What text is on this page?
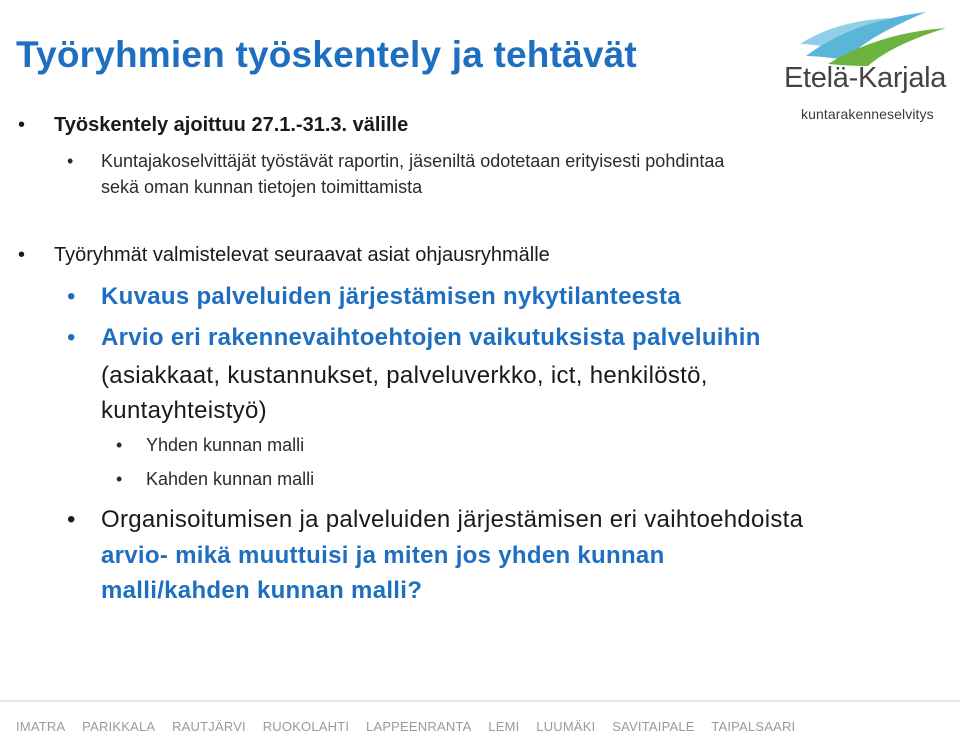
Työryhmien työskentely ja tehtävät
Etelä-Karjala
kuntarakenneselvitys
• Työskentely ajoittuu 27.1.-31.3. välille
• Kuntajakoselvittäjät työstävät raportin, jäseniltä odotetaan erityisesti pohdintaa
sekä oman kunnan tietojen toimittamista
• Työryhmät valmistelevat seuraavat asiat ohjausryhmälle
• Kuvaus palveluiden järjestämisen nykytilanteesta
• Arvio eri rakennevaihtoehtojen vaikutuksista palveluihin
(asiakkaat, kustannukset, palveluverkko, ict, henkilöstö,
kuntayhteistyö)
• Yhden kunnan malli
• Kahden kunnan malli
• Organisoitumisen ja palveluiden järjestämisen eri vaihtoehdoista
arvio- mikä muuttuisi ja miten jos yhden kunnan
malli/kahden kunnan malli?
IMATRA PARIKKALA RAUTJÄRVI RUOKOLAHTI LAPPEENRANTA LEMI LUUMÄKI SAVITAIPALE TAIPALSAARI
